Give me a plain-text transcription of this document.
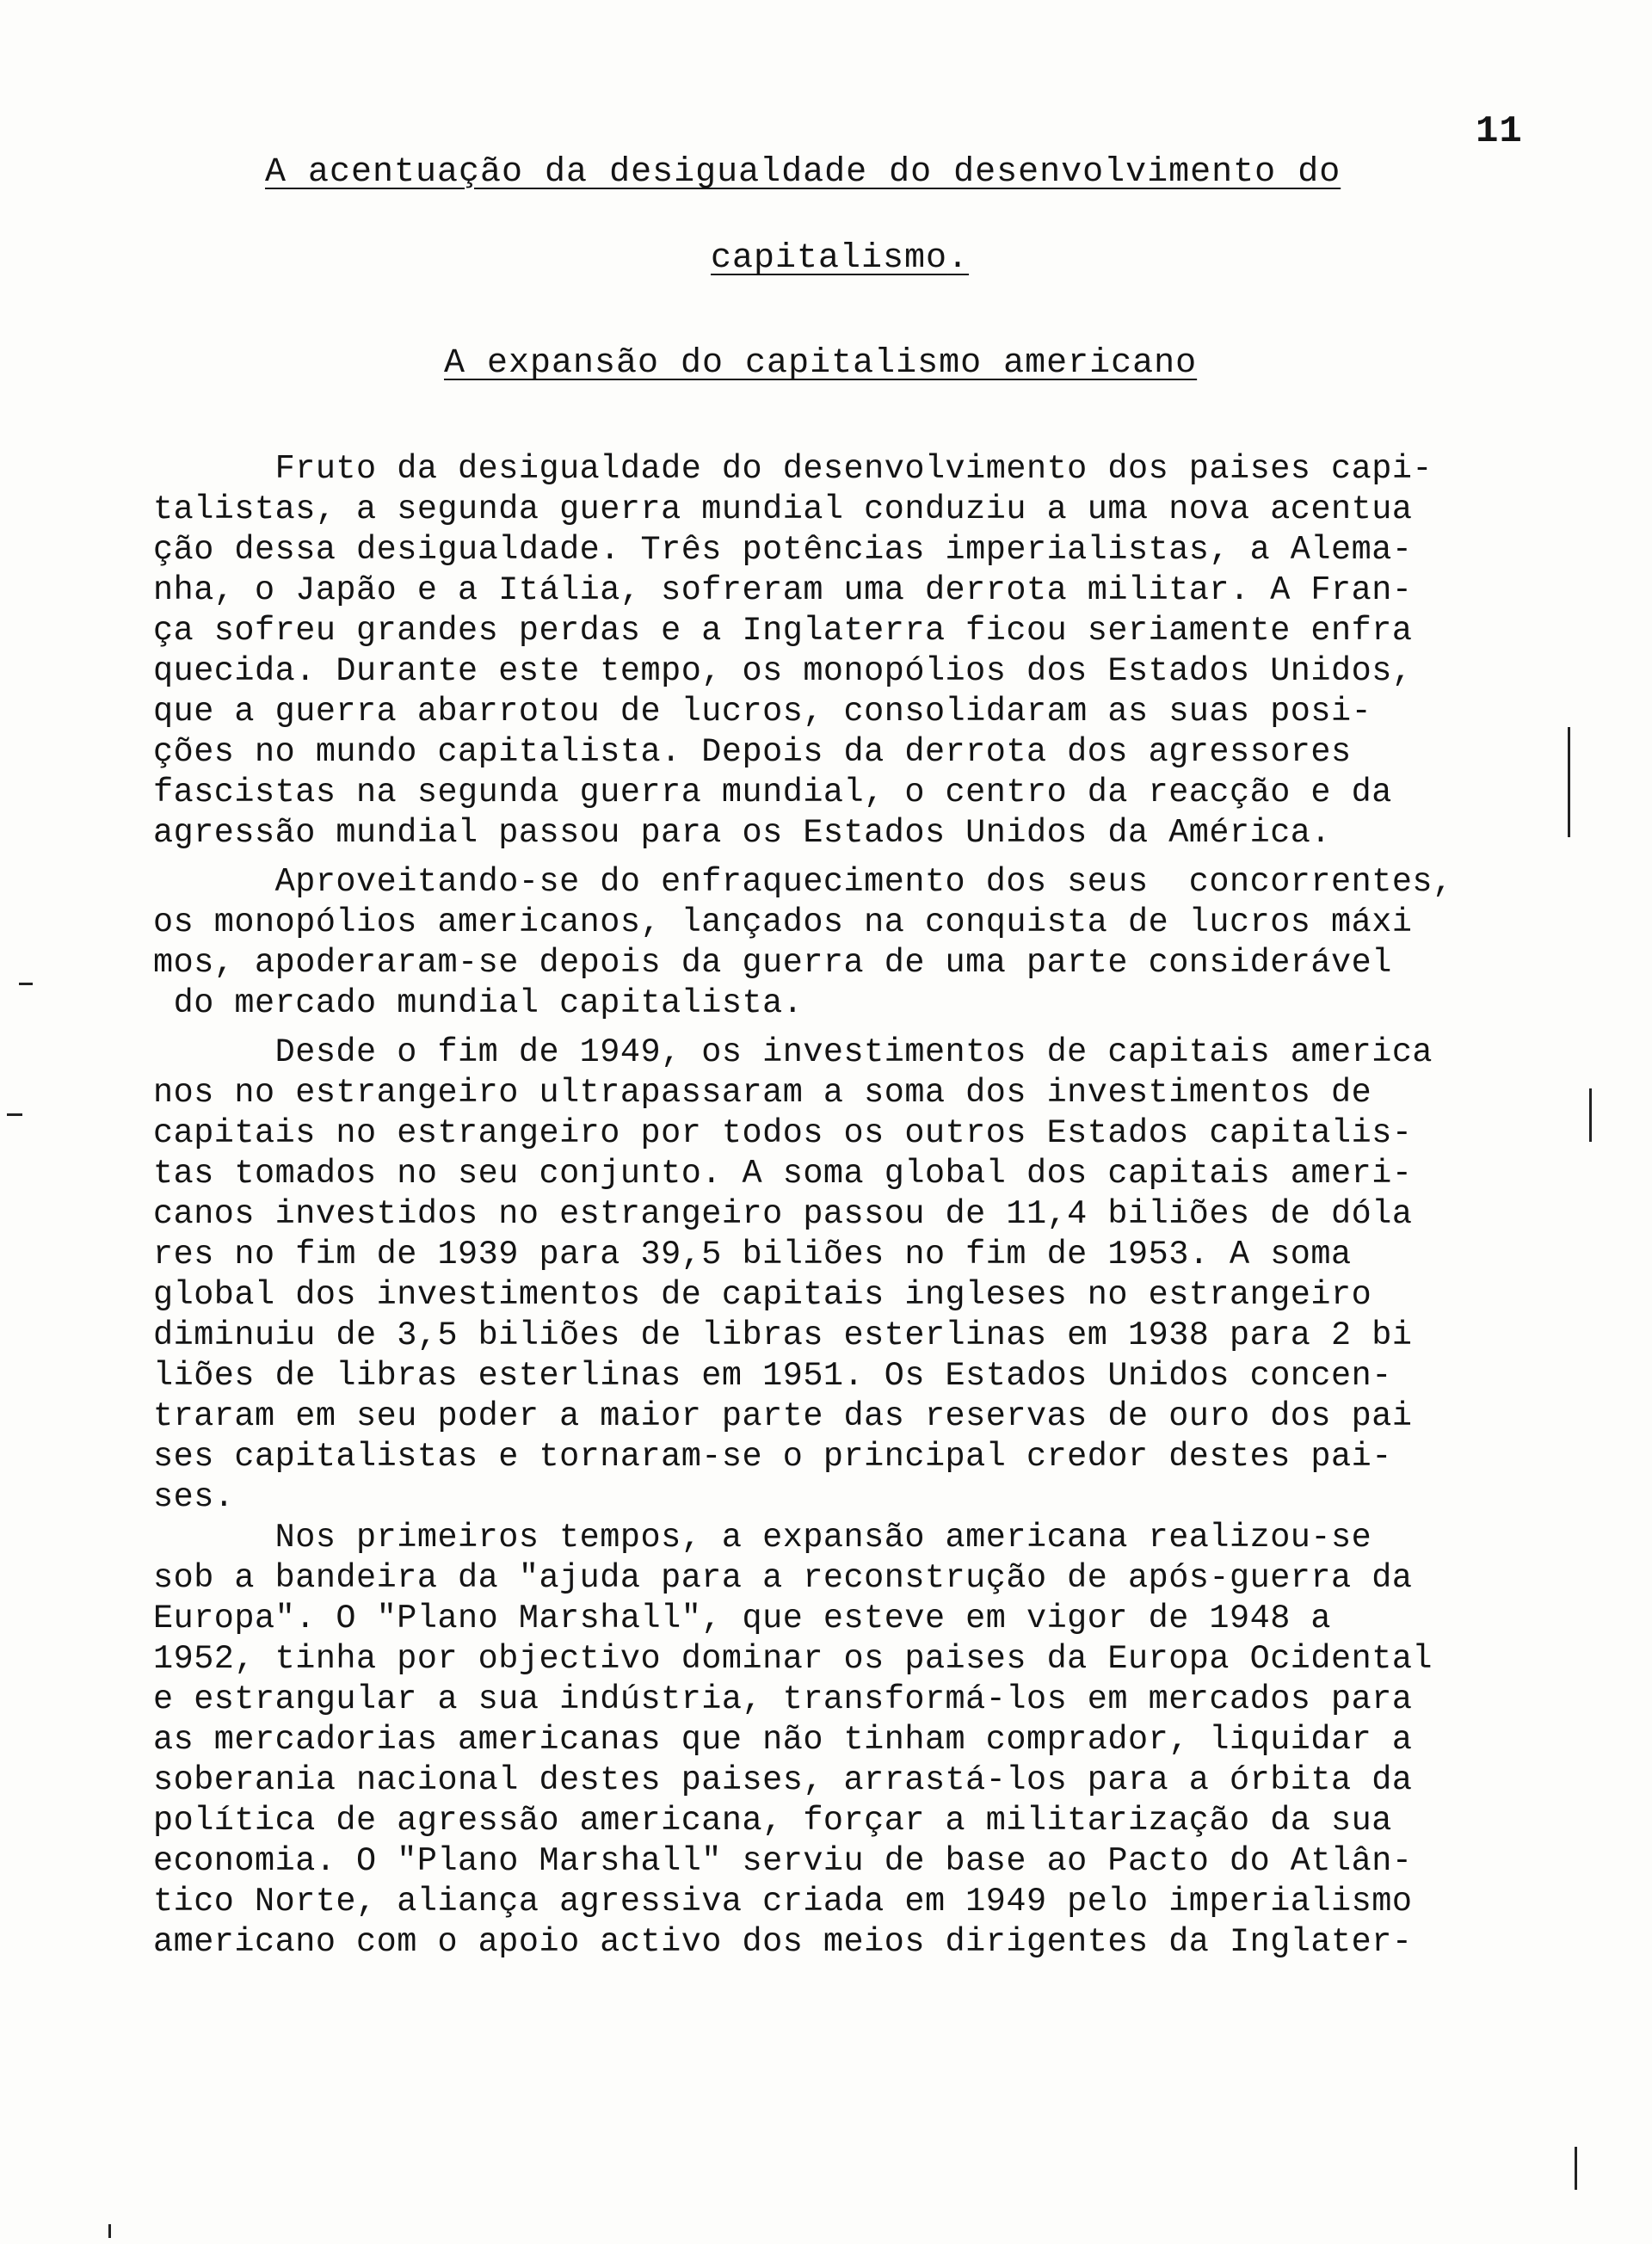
11
A acentuação da desigualdade do desenvolvimento do
capitalismo.
A expansão do capitalismo americano
Fruto da desigualdade do desenvolvimento dos paises capi-
talistas, a segunda guerra mundial conduziu a uma nova acentua
ção dessa desigualdade. Três potências imperialistas, a Alema-
nha, o Japão e a Itália, sofreram uma derrota militar. A Fran-
ça sofreu grandes perdas e a Inglaterra ficou seriamente enfra
quecida. Durante este tempo, os monopólios dos Estados Unidos,
que a guerra abarrotou de lucros, consolidaram as suas posi-
ções no mundo capitalista. Depois da derrota dos agressores
fascistas na segunda guerra mundial, o centro da reacção e da
agressão mundial passou para os Estados Unidos da América.
Aproveitando-se do enfraquecimento dos seus  concorrentes,
os monopólios americanos, lançados na conquista de lucros máxi
mos, apoderaram-se depois da guerra de uma parte considerável
do mercado mundial capitalista.
Desde o fim de 1949, os investimentos de capitais america
nos no estrangeiro ultrapassaram a soma dos investimentos de
capitais no estrangeiro por todos os outros Estados capitalis-
tas tomados no seu conjunto. A soma global dos capitais ameri-
canos investidos no estrangeiro passou de 11,4 biliões de dóla
res no fim de 1939 para 39,5 biliões no fim de 1953. A soma
global dos investimentos de capitais ingleses no estrangeiro
diminuiu de 3,5 biliões de libras esterlinas em 1938 para 2 bi
liões de libras esterlinas em 1951. Os Estados Unidos concen-
traram em seu poder a maior parte das reservas de ouro dos pai
ses capitalistas e tornaram-se o principal credor destes pai-
ses.
Nos primeiros tempos, a expansão americana realizou-se
sob a bandeira da "ajuda para a reconstrução de após-guerra da
Europa". O "Plano Marshall", que esteve em vigor de 1948 a
1952, tinha por objectivo dominar os paises da Europa Ocidental
e estrangular a sua indústria, transformá-los em mercados para
as mercadorias americanas que não tinham comprador, liquidar a
soberania nacional destes paises, arrastá-los para a órbita da
política de agressão americana, forçar a militarização da sua
economia. O "Plano Marshall" serviu de base ao Pacto do Atlân-
tico Norte, aliança agressiva criada em 1949 pelo imperialismo
americano com o apoio activo dos meios dirigentes da Inglater-
